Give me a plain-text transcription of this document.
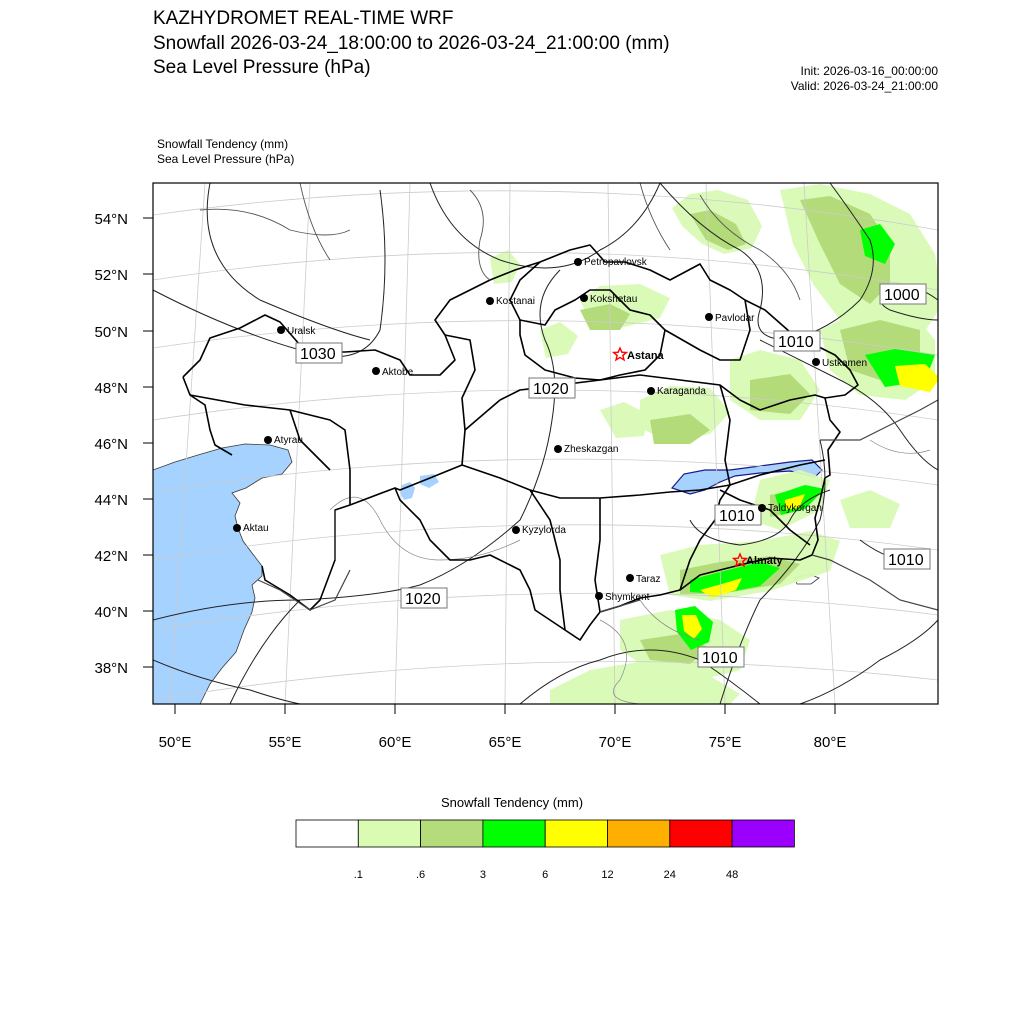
KAZHYDROMET REAL-TIME WRF
Snowfall 2026-03-24_18:00:00 to 2026-03-24_21:00:00 (mm)
Sea Level Pressure (hPa)	Init: 2026-03-16_00:00:00
Valid: 2026-03-24_21:00:00
Snowfall Tendency (mm)
Sea Level Pressure (hPa)
54°N
52°N
50°N
48°N
46°N
44°N
42°N
40°N
38°N
50°E	55°E	60°E	65°E	70°E	75°E	80°E
1000
1010
1030
1020
1010
1010
1020
1010
Petropavlovsk
Kostanai	Kokshetau
Pavlodar
Uralsk
Aktobe
Astana
Ustkamen
Karaganda
Atyrau
Zheskazgan
Aktau	Kyzylorda
Taldykorgan
Almaty
Taraz
Shymkent
.1	.6	3	6	12	24	48
Snowfall Tendency (mm)
